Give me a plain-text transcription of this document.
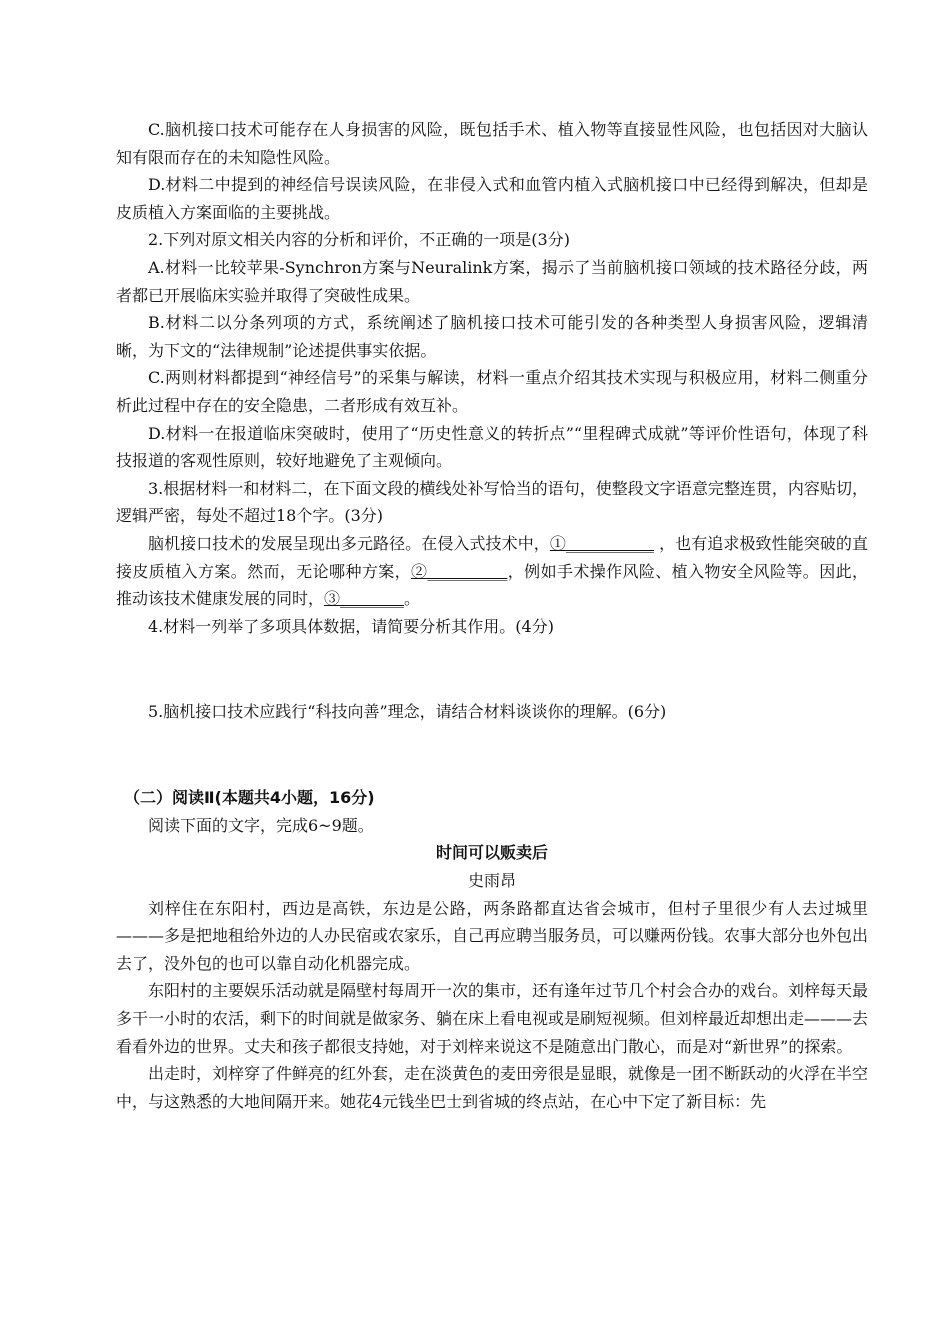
C.脑机接口技术可能存在人身损害的风险，既包括手术、植入物等直接显性风险，也包括因对大脑认知有限而存在的未知隐性风险。

D.材料二中提到的神经信号误读风险，在非侵入式和血管内植入式脑机接口中已经得到解决，但却是皮质植入方案面临的主要挑战。

2.下列对原文相关内容的分析和评价，不正确的一项是(3分)

A.材料一比较苹果-Synchron方案与Neuralink方案，揭示了当前脑机接口领域的技术路径分歧，两者都已开展临床实验并取得了突破性成果。

B.材料二以分条列项的方式，系统阐述了脑机接口技术可能引发的各种类型人身损害风险，逻辑清晰，为下文的“法律规制”论述提供事实依据。

C.两则材料都提到“神经信号”的采集与解读，材料一重点介绍其技术实现与积极应用，材料二侧重分析此过程中存在的安全隐患，二者形成有效互补。

D.材料一在报道临床突破时，使用了“历史性意义的转折点”“里程碑式成就”等评价性语句，体现了科技报道的客观性原则，较好地避免了主观倾向。

3.根据材料一和材料二，在下面文段的横线处补写恰当的语句，使整段文字语意完整连贯，内容贴切，逻辑严密，每处不超过18个字。(3分)

脑机接口技术的发展呈现出多元路径。在侵入式技术中，①___________ ，也有追求极致性能突破的直接皮质植入方案。然而，无论哪种方案，②__________，例如手术操作风险、植入物安全风险等。因此，推动该技术健康发展的同时，③________。

4.材料一列举了多项具体数据，请简要分析其作用。(4分)

5.脑机接口技术应践行“科技向善”理念，请结合材料谈谈你的理解。(6分)

（二）阅读Ⅱ(本题共4小题，16分)

阅读下面的文字，完成6~9题。

时间可以贩卖后

史雨昂

刘梓住在东阳村，西边是高铁，东边是公路，两条路都直达省会城市，但村子里很少有人去过城里———多是把地租给外边的人办民宿或农家乐，自己再应聘当服务员，可以赚两份钱。农事大部分也外包出去了，没外包的也可以靠自动化机器完成。

东阳村的主要娱乐活动就是隔壁村每周开一次的集市，还有逢年过节几个村会合办的戏台。刘梓每天最多干一小时的农活，剩下的时间就是做家务、躺在床上看电视或是刷短视频。但刘梓最近却想出走———去看看外边的世界。丈夫和孩子都很支持她，对于刘梓来说这不是随意出门散心，而是对“新世界”的探索。

出走时，刘梓穿了件鲜亮的红外套，走在淡黄色的麦田旁很是显眼，就像是一团不断跃动的火浮在半空中，与这熟悉的大地间隔开来。她花4元钱坐巴士到省城的终点站，在心中下定了新目标：先
